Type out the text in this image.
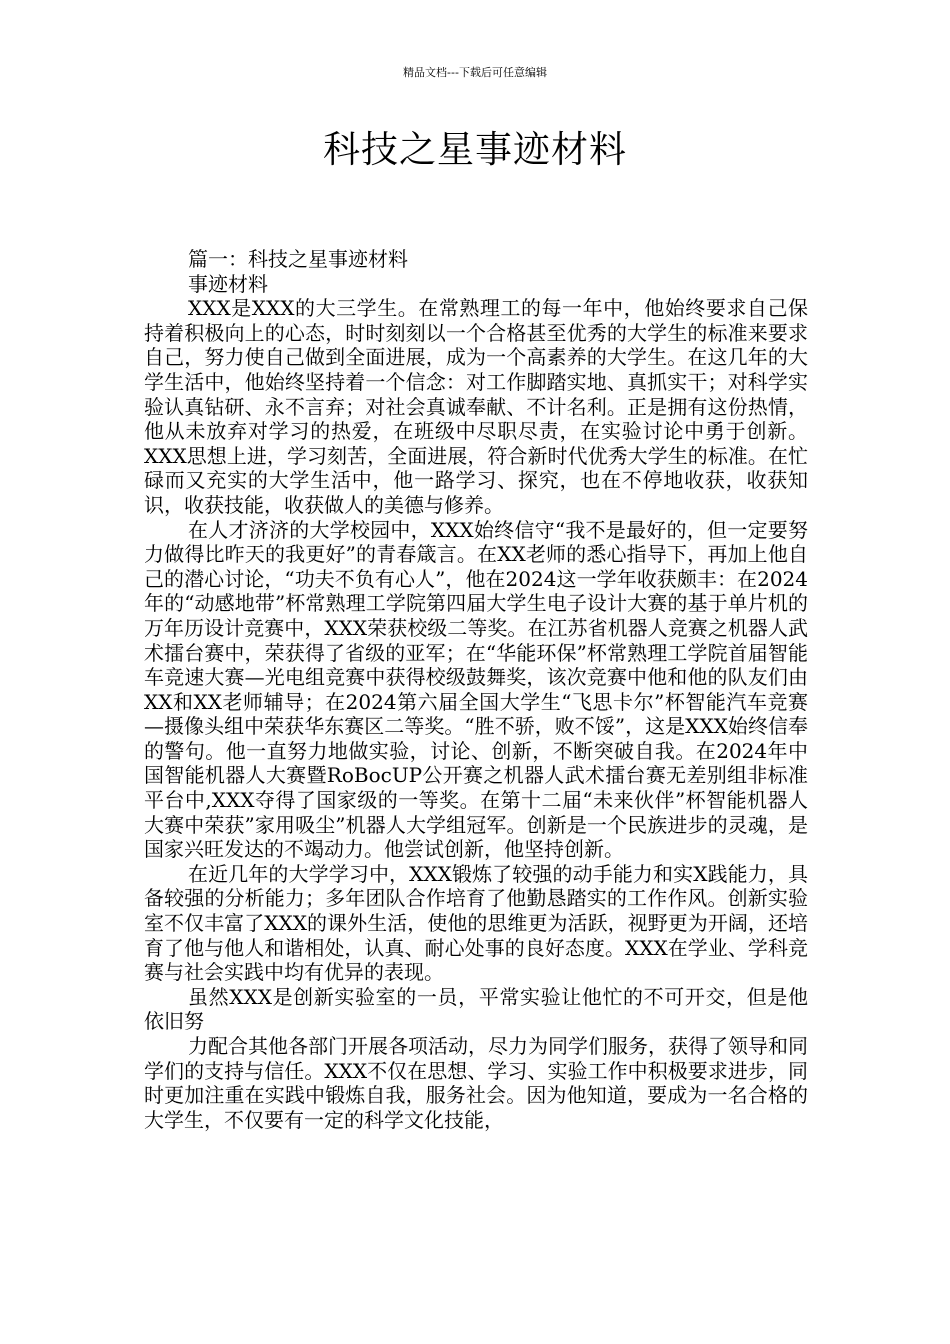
精品文档---下载后可任意编辑
科技之星事迹材料

篇一：科技之星事迹材料

事迹材料

XXX是XXX的大三学生。在常熟理工的每一年中，他始终要求自己保持着积极向上的心态，时时刻刻以一个合格甚至优秀的大学生的标准来要求自己，努力使自己做到全面进展，成为一个高素养的大学生。在这几年的大学生活中，他始终坚持着一个信念：对工作脚踏实地、真抓实干；对科学实验认真钻研、永不言弃；对社会真诚奉献、不计名利。正是拥有这份热情，他从未放弃对学习的热爱，在班级中尽职尽责，在实验讨论中勇于创新。XXX思想上进，学习刻苦，全面进展，符合新时代优秀大学生的标准。在忙碌而又充实的大学生活中，他一路学习、探究，也在不停地收获，收获知识，收获技能，收获做人的美德与修养。

在人才济济的大学校园中，XXX始终信守“我不是最好的，但一定要努力做得比昨天的我更好”的青春箴言。在XX老师的悉心指导下，再加上他自己的潜心讨论，“功夫不负有心人”，他在2024这一学年收获颇丰：在2024年的“动感地带”杯常熟理工学院第四届大学生电子设计大赛的基于单片机的万年历设计竞赛中，XXX荣获校级二等奖。在江苏省机器人竞赛之机器人武术擂台赛中，荣获得了省级的亚军；在“华能环保”杯常熟理工学院首届智能车竞速大赛—光电组竞赛中获得校级鼓舞奖，该次竞赛中他和他的队友们由XX和XX老师辅导；在2024第六届全国大学生“飞思卡尔”杯智能汽车竞赛—摄像头组中荣获华东赛区二等奖。“胜不骄，败不馁”，这是XXX始终信奉的警句。他一直努力地做实验，讨论、创新，不断突破自我。在2024年中国智能机器人大赛暨RoBocUP公开赛之机器人武术擂台赛无差别组非标准平台中,XXX夺得了国家级的一等奖。在第十二届“未来伙伴”杯智能机器人大赛中荣获”家用吸尘”机器人大学组冠军。创新是一个民族进步的灵魂，是国家兴旺发达的不竭动力。他尝试创新，他坚持创新。

在近几年的大学学习中，XXX锻炼了较强的动手能力和实X践能力，具备较强的分析能力；多年团队合作培育了他勤恳踏实的工作作风。创新实验室不仅丰富了XXX的课外生活，使他的思维更为活跃，视野更为开阔，还培育了他与他人和谐相处，认真、耐心处事的良好态度。XXX在学业、学科竞赛与社会实践中均有优异的表现。

虽然XXX是创新实验室的一员，平常实验让他忙的不可开交，但是他依旧努

力配合其他各部门开展各项活动，尽力为同学们服务，获得了领导和同学们的支持与信任。XXX不仅在思想、学习、实验工作中积极要求进步，同时更加注重在实践中锻炼自我，服务社会。因为他知道，要成为一名合格的大学生，不仅要有一定的科学文化技能，
